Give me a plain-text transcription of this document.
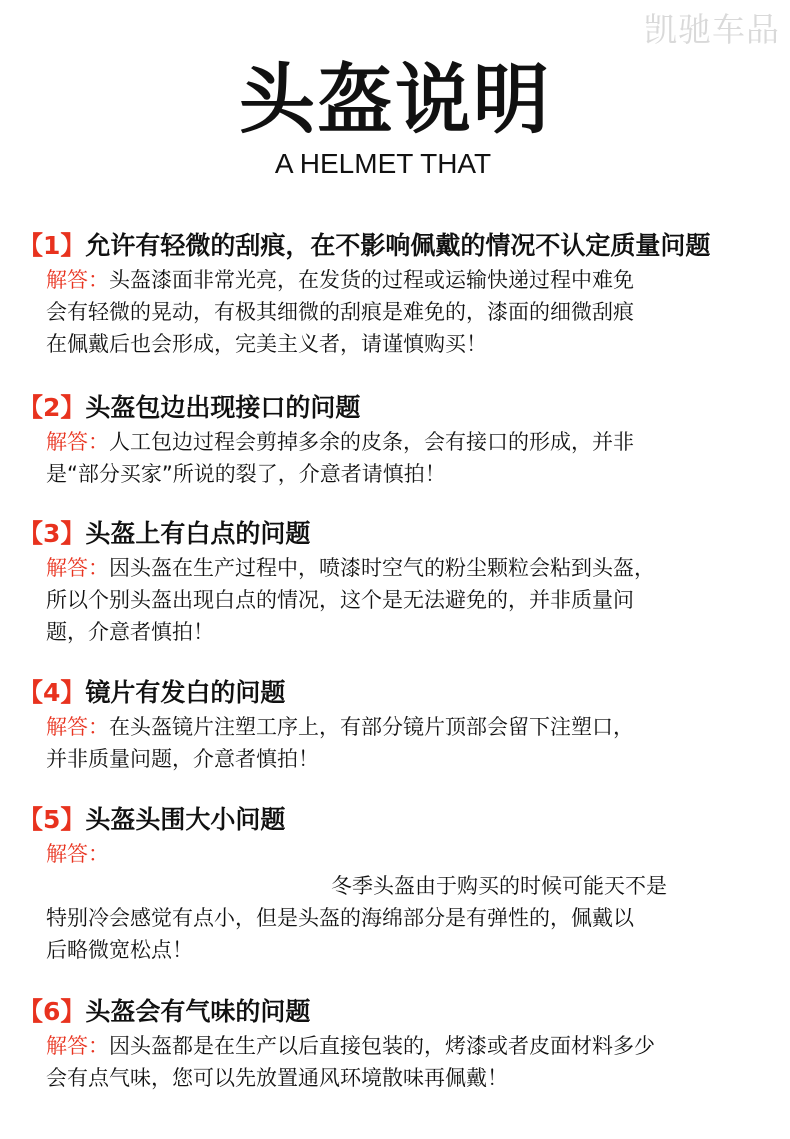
凯驰车品
头盔说明
A HELMET THAT
【1】允许有轻微的刮痕，在不影响佩戴的情况不认定质量问题
解答：头盔漆面非常光亮，在发货的过程或运输快递过程中难免
会有轻微的晃动，有极其细微的刮痕是难免的，漆面的细微刮痕
在佩戴后也会形成，完美主义者，请谨慎购买！
【2】头盔包边出现接口的问题
解答：人工包边过程会剪掉多余的皮条，会有接口的形成，并非
是“部分买家”所说的裂了，介意者请慎拍！
【3】头盔上有白点的问题
解答：因头盔在生产过程中，喷漆时空气的粉尘颗粒会粘到头盔，
所以个别头盔出现白点的情况，这个是无法避免的，并非质量问
题，介意者慎拍！
【4】镜片有发白的问题
解答：在头盔镜片注塑工序上，有部分镜片顶部会留下注塑口，
并非质量问题，介意者慎拍！
【5】头盔头围大小问题
解答：
冬季头盔由于购买的时候可能天不是
特别冷会感觉有点小，但是头盔的海绵部分是有弹性的，佩戴以
后略微宽松点！
【6】头盔会有气味的问题
解答：因头盔都是在生产以后直接包装的，烤漆或者皮面材料多少
会有点气味，您可以先放置通风环境散味再佩戴！
